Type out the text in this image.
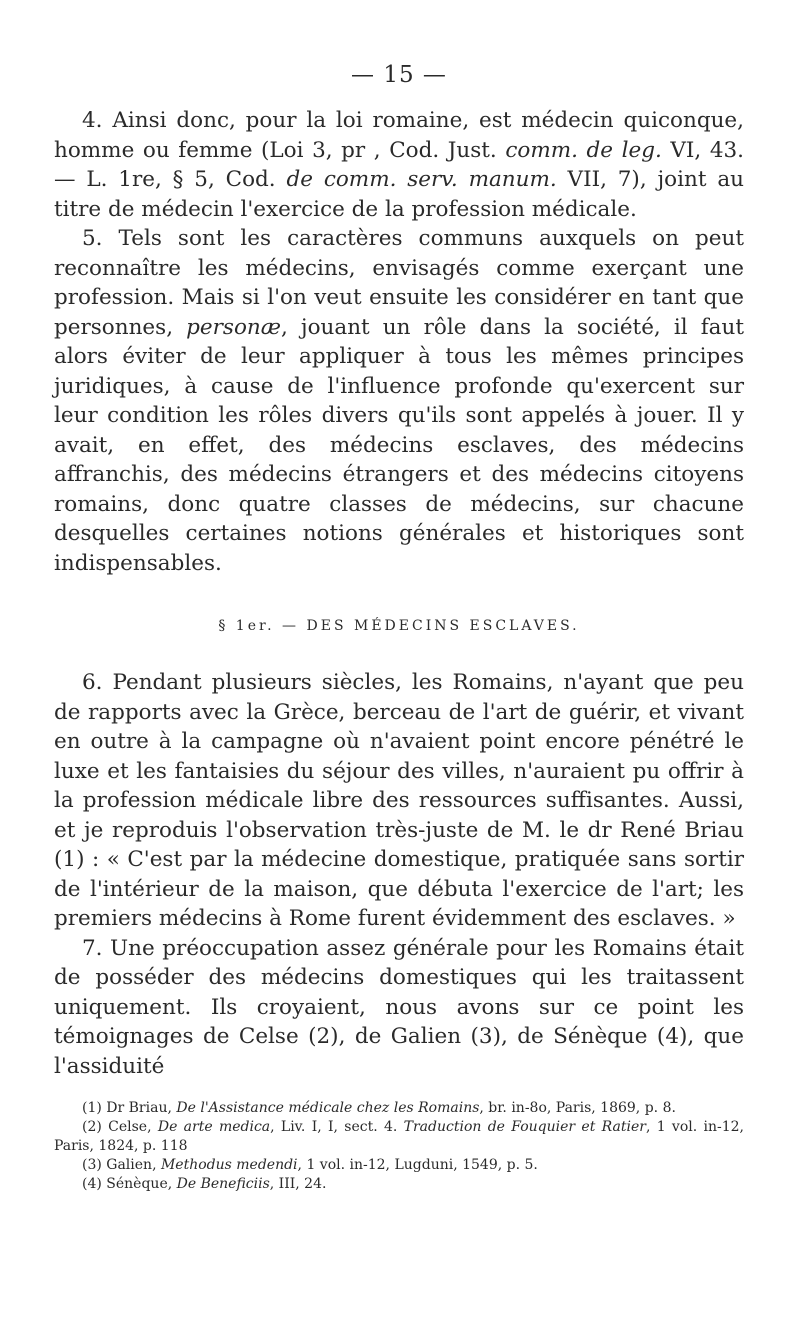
— 15 —

4. Ainsi donc, pour la loi romaine, est médecin quiconque, homme ou femme (Loi 3, pr , Cod. Just. comm. de leg. VI, 43. — L. 1re, § 5, Cod. de comm. serv. manum. VII, 7), joint au titre de médecin l'exercice de la profession médicale.

5. Tels sont les caractères communs auxquels on peut reconnaître les médecins, envisagés comme exerçant une profession. Mais si l'on veut ensuite les considérer en tant que personnes, personæ, jouant un rôle dans la société, il faut alors éviter de leur appliquer à tous les mêmes principes juridiques, à cause de l'influence profonde qu'exercent sur leur condition les rôles divers qu'ils sont appelés à jouer. Il y avait, en effet, des médecins esclaves, des médecins affranchis, des médecins étrangers et des médecins citoyens romains, donc quatre classes de médecins, sur chacune desquelles certaines notions générales et historiques sont indispensables.

§ 1er. — DES MÉDECINS ESCLAVES.

6. Pendant plusieurs siècles, les Romains, n'ayant que peu de rapports avec la Grèce, berceau de l'art de guérir, et vivant en outre à la campagne où n'avaient point encore pénétré le luxe et les fantaisies du séjour des villes, n'auraient pu offrir à la profession médicale libre des ressources suffisantes. Aussi, et je reproduis l'observation très-juste de M. le dr René Briau (1) : « C'est par la médecine domestique, pratiquée sans sortir de l'intérieur de la maison, que débuta l'exercice de l'art; les premiers médecins à Rome furent évidemment des esclaves. »

7. Une préoccupation assez générale pour les Romains était de posséder des médecins domestiques qui les traitassent uniquement. Ils croyaient, nous avons sur ce point les témoignages de Celse (2), de Galien (3), de Sénèque (4), que l'assiduité

(1) Dr Briau, De l'Assistance médicale chez les Romains, br. in-8o, Paris, 1869, p. 8.

(2) Celse, De arte medica, Liv. I, I, sect. 4. Traduction de Fouquier et Ratier, 1 vol. in-12, Paris, 1824, p. 118

(3) Galien, Methodus medendi, 1 vol. in-12, Lugduni, 1549, p. 5.

(4) Sénèque, De Beneficiis, III, 24.
